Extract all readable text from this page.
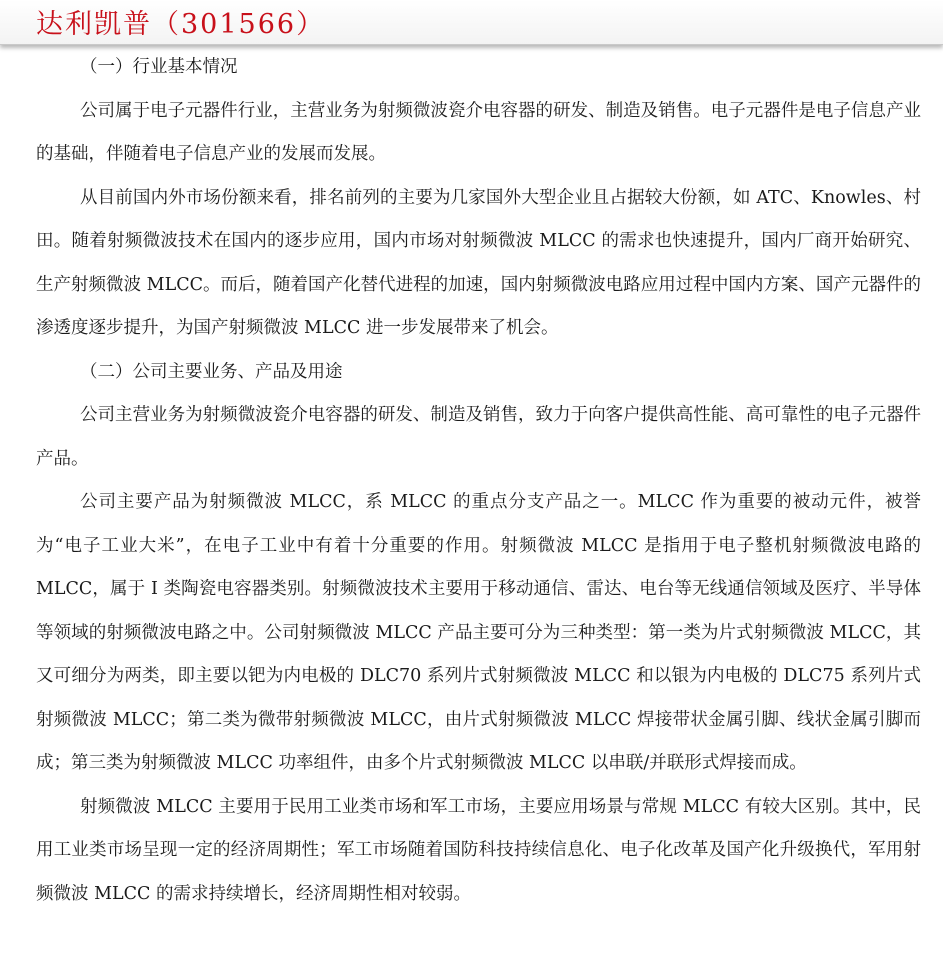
达利凯普（301566）

（一）行业基本情况

公司属于电子元器件行业，主营业务为射频微波瓷介电容器的研发、制造及销售。电子元器件是电子信息产业的基础，伴随着电子信息产业的发展而发展。

从目前国内外市场份额来看，排名前列的主要为几家国外大型企业且占据较大份额，如 ATC、Knowles、村田。随着射频微波技术在国内的逐步应用，国内市场对射频微波 MLCC 的需求也快速提升，国内厂商开始研究、生产射频微波 MLCC。而后，随着国产化替代进程的加速，国内射频微波电路应用过程中国内方案、国产元器件的渗透度逐步提升，为国产射频微波 MLCC 进一步发展带来了机会。

（二）公司主要业务、产品及用途

公司主营业务为射频微波瓷介电容器的研发、制造及销售，致力于向客户提供高性能、高可靠性的电子元器件产品。

公司主要产品为射频微波 MLCC，系 MLCC 的重点分支产品之一。MLCC 作为重要的被动元件，被誉为“电子工业大米”，在电子工业中有着十分重要的作用。射频微波 MLCC 是指用于电子整机射频微波电路的 MLCC，属于 I 类陶瓷电容器类别。射频微波技术主要用于移动通信、雷达、电台等无线通信领域及医疗、半导体等领域的射频微波电路之中。公司射频微波 MLCC 产品主要可分为三种类型：第一类为片式射频微波 MLCC，其又可细分为两类，即主要以钯为内电极的 DLC70 系列片式射频微波 MLCC 和以银为内电极的 DLC75 系列片式射频微波 MLCC；第二类为微带射频微波 MLCC，由片式射频微波 MLCC 焊接带状金属引脚、线状金属引脚而成；第三类为射频微波 MLCC 功率组件，由多个片式射频微波 MLCC 以串联/并联形式焊接而成。

射频微波 MLCC 主要用于民用工业类市场和军工市场，主要应用场景与常规 MLCC 有较大区别。其中，民用工业类市场呈现一定的经济周期性；军工市场随着国防科技持续信息化、电子化改革及国产化升级换代，军用射频微波 MLCC 的需求持续增长，经济周期性相对较弱。
